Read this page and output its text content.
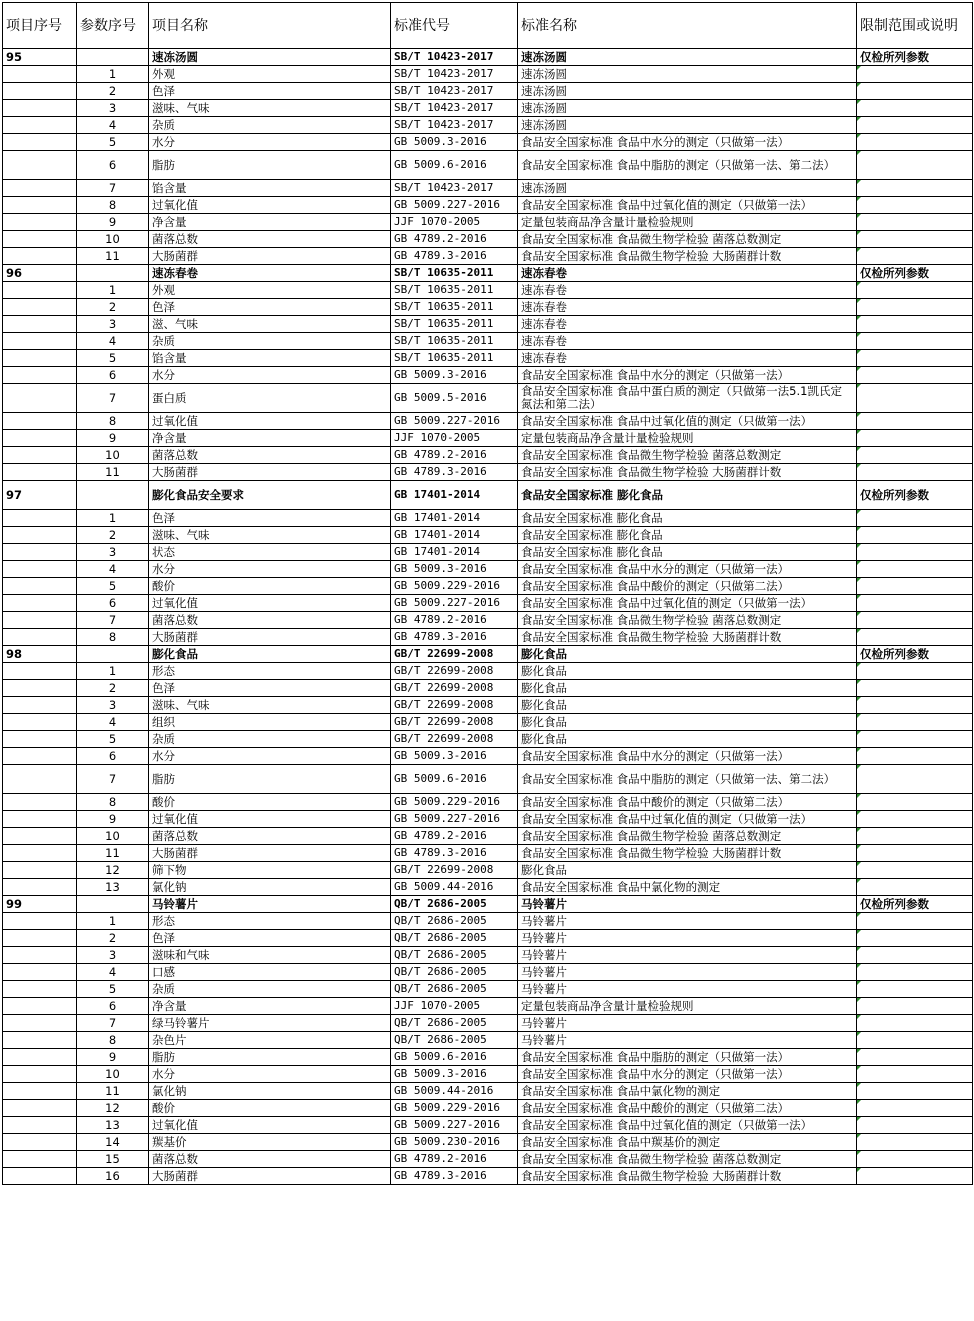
项目序号	参数序号	项目名称	标准代号	标准名称	限制范围或说明
95		速冻汤圆	SB/T 10423-2017	速冻汤圆	仅检所列参数
	1	外观	SB/T 10423-2017	速冻汤圆	
	2	色泽	SB/T 10423-2017	速冻汤圆	
	3	滋味、气味	SB/T 10423-2017	速冻汤圆	
	4	杂质	SB/T 10423-2017	速冻汤圆	
	5	水分	GB 5009.3-2016	食品安全国家标准 食品中水分的测定（只做第一法）	
	6	脂肪	GB 5009.6-2016	食品安全国家标准 食品中脂肪的测定（只做第一法、第二法）	
	7	馅含量	SB/T 10423-2017	速冻汤圆	
	8	过氧化值	GB 5009.227-2016	食品安全国家标准 食品中过氧化值的测定（只做第一法）	
	9	净含量	JJF 1070-2005	定量包装商品净含量计量检验规则	
	10	菌落总数	GB 4789.2-2016	食品安全国家标准 食品微生物学检验 菌落总数测定	
	11	大肠菌群	GB 4789.3-2016	食品安全国家标准 食品微生物学检验 大肠菌群计数	
96		速冻春卷	SB/T 10635-2011	速冻春卷	仅检所列参数
	1	外观	SB/T 10635-2011	速冻春卷	
	2	色泽	SB/T 10635-2011	速冻春卷	
	3	滋、气味	SB/T 10635-2011	速冻春卷	
	4	杂质	SB/T 10635-2011	速冻春卷	
	5	馅含量	SB/T 10635-2011	速冻春卷	
	6	水分	GB 5009.3-2016	食品安全国家标准 食品中水分的测定（只做第一法）	
	7	蛋白质	GB 5009.5-2016	食品安全国家标准 食品中蛋白质的测定（只做第一法5.1凯氏定氮法和第二法）	
	8	过氧化值	GB 5009.227-2016	食品安全国家标准 食品中过氧化值的测定（只做第一法）	
	9	净含量	JJF 1070-2005	定量包装商品净含量计量检验规则	
	10	菌落总数	GB 4789.2-2016	食品安全国家标准 食品微生物学检验 菌落总数测定	
	11	大肠菌群	GB 4789.3-2016	食品安全国家标准 食品微生物学检验 大肠菌群计数	
97		膨化食品安全要求	GB 17401-2014	食品安全国家标准 膨化食品	仅检所列参数
	1	色泽	GB 17401-2014	食品安全国家标准 膨化食品	
	2	滋味、气味	GB 17401-2014	食品安全国家标准 膨化食品	
	3	状态	GB 17401-2014	食品安全国家标准 膨化食品	
	4	水分	GB 5009.3-2016	食品安全国家标准 食品中水分的测定（只做第一法）	
	5	酸价	GB 5009.229-2016	食品安全国家标准 食品中酸价的测定（只做第二法）	
	6	过氧化值	GB 5009.227-2016	食品安全国家标准 食品中过氧化值的测定（只做第一法）	
	7	菌落总数	GB 4789.2-2016	食品安全国家标准 食品微生物学检验 菌落总数测定	
	8	大肠菌群	GB 4789.3-2016	食品安全国家标准 食品微生物学检验 大肠菌群计数	
98		膨化食品	GB/T 22699-2008	膨化食品	仅检所列参数
	1	形态	GB/T 22699-2008	膨化食品	
	2	色泽	GB/T 22699-2008	膨化食品	
	3	滋味、气味	GB/T 22699-2008	膨化食品	
	4	组织	GB/T 22699-2008	膨化食品	
	5	杂质	GB/T 22699-2008	膨化食品	
	6	水分	GB 5009.3-2016	食品安全国家标准 食品中水分的测定（只做第一法）	
	7	脂肪	GB 5009.6-2016	食品安全国家标准 食品中脂肪的测定（只做第一法、第二法）	
	8	酸价	GB 5009.229-2016	食品安全国家标准 食品中酸价的测定（只做第二法）	
	9	过氧化值	GB 5009.227-2016	食品安全国家标准 食品中过氧化值的测定（只做第一法）	
	10	菌落总数	GB 4789.2-2016	食品安全国家标准 食品微生物学检验 菌落总数测定	
	11	大肠菌群	GB 4789.3-2016	食品安全国家标准 食品微生物学检验 大肠菌群计数	
	12	筛下物	GB/T 22699-2008	膨化食品	
	13	氯化钠	GB 5009.44-2016	食品安全国家标准 食品中氯化物的测定	
99		马铃薯片	QB/T 2686-2005	马铃薯片	仅检所列参数
	1	形态	QB/T 2686-2005	马铃薯片	
	2	色泽	QB/T 2686-2005	马铃薯片	
	3	滋味和气味	QB/T 2686-2005	马铃薯片	
	4	口感	QB/T 2686-2005	马铃薯片	
	5	杂质	QB/T 2686-2005	马铃薯片	
	6	净含量	JJF 1070-2005	定量包装商品净含量计量检验规则	
	7	绿马铃薯片	QB/T 2686-2005	马铃薯片	
	8	杂色片	QB/T 2686-2005	马铃薯片	
	9	脂肪	GB 5009.6-2016	食品安全国家标准 食品中脂肪的测定（只做第一法）	
	10	水分	GB 5009.3-2016	食品安全国家标准 食品中水分的测定（只做第一法）	
	11	氯化钠	GB 5009.44-2016	食品安全国家标准 食品中氯化物的测定	
	12	酸价	GB 5009.229-2016	食品安全国家标准 食品中酸价的测定（只做第二法）	
	13	过氧化值	GB 5009.227-2016	食品安全国家标准 食品中过氧化值的测定（只做第一法）	
	14	羰基价	GB 5009.230-2016	食品安全国家标准 食品中羰基价的测定	
	15	菌落总数	GB 4789.2-2016	食品安全国家标准 食品微生物学检验 菌落总数测定	
	16	大肠菌群	GB 4789.3-2016	食品安全国家标准 食品微生物学检验 大肠菌群计数	
